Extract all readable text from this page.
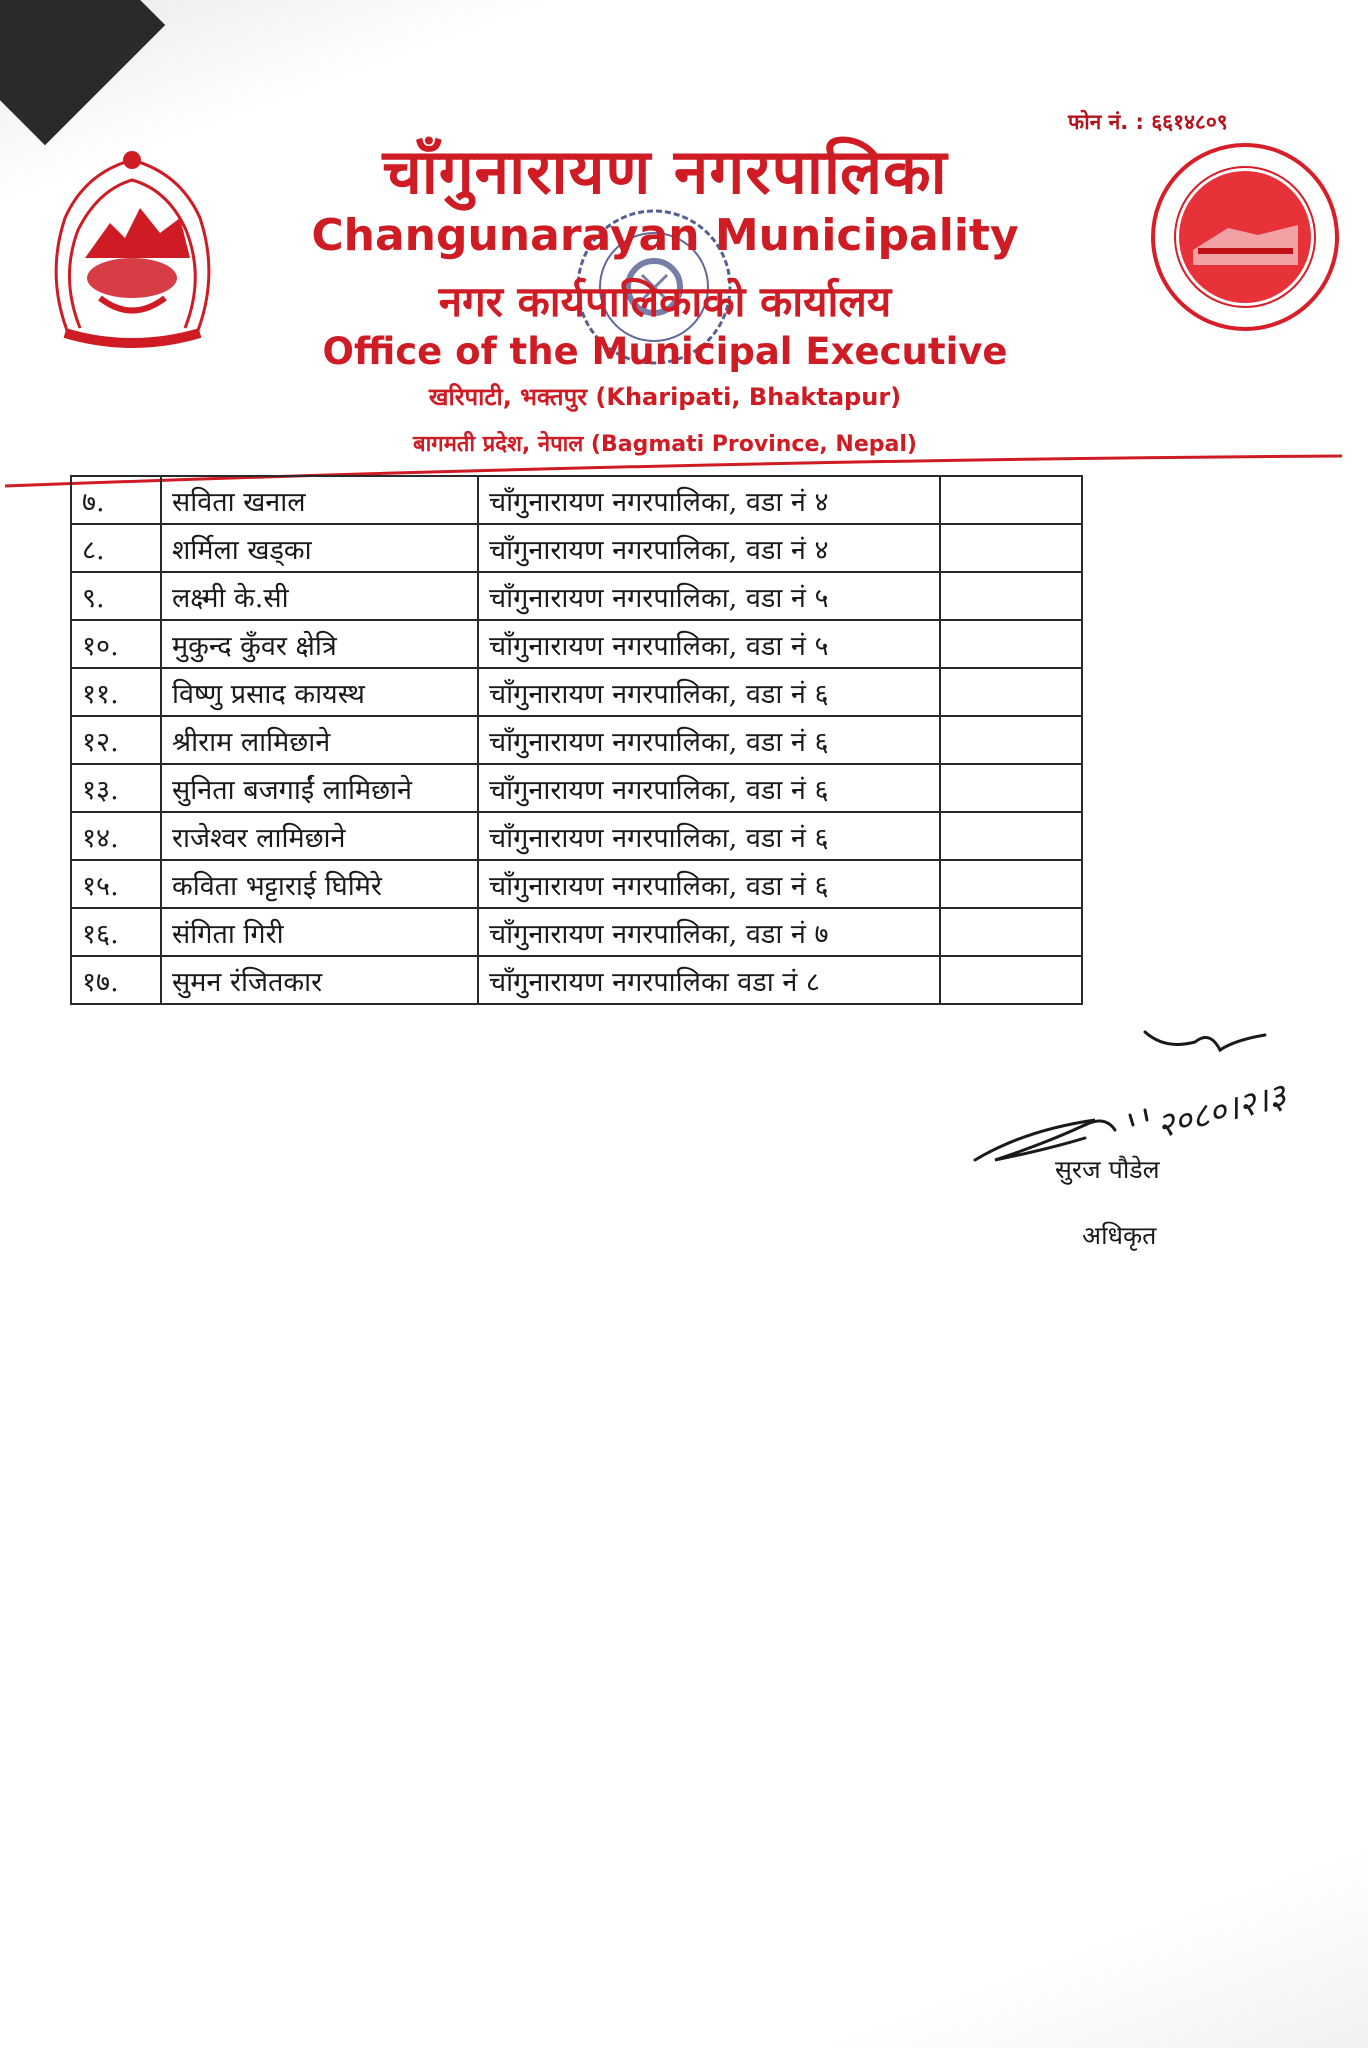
फोन नं. : ६६१४८०९
चाँगुनारायण नगरपालिका
Changunarayan Municipality
नगर कार्यपालिकाको कार्यालय
Office of the Municipal Executive
खरिपाटी, भक्तपुर (Kharipati, Bhaktapur)
बागमती प्रदेश, नेपाल (Bagmati Province, Nepal)
७.	सविता खनाल	चाँगुनारायण नगरपालिका, वडा नं ४	
८.	शर्मिला खड्का	चाँगुनारायण नगरपालिका, वडा नं ४	
९.	लक्ष्मी के.सी	चाँगुनारायण नगरपालिका, वडा नं ५	
१०.	मुकुन्द कुँवर क्षेत्रि	चाँगुनारायण नगरपालिका, वडा नं ५	
११.	विष्णु प्रसाद कायस्थ	चाँगुनारायण नगरपालिका, वडा नं ६	
१२.	श्रीराम लामिछाने	चाँगुनारायण नगरपालिका, वडा नं ६	
१३.	सुनिता बजगाईं लामिछाने	चाँगुनारायण नगरपालिका, वडा नं ६	
१४.	राजेश्वर लामिछाने	चाँगुनारायण नगरपालिका, वडा नं ६	
१५.	कविता भट्टाराई घिमिरे	चाँगुनारायण नगरपालिका, वडा नं ६	
१६.	संगिता गिरी	चाँगुनारायण नगरपालिका, वडा नं ७	
१७.	सुमन रंजितकार	चाँगुनारायण नगरपालिका वडा नं ८	
२०८०।२।३
सुरज पौडेल
अधिकृत
